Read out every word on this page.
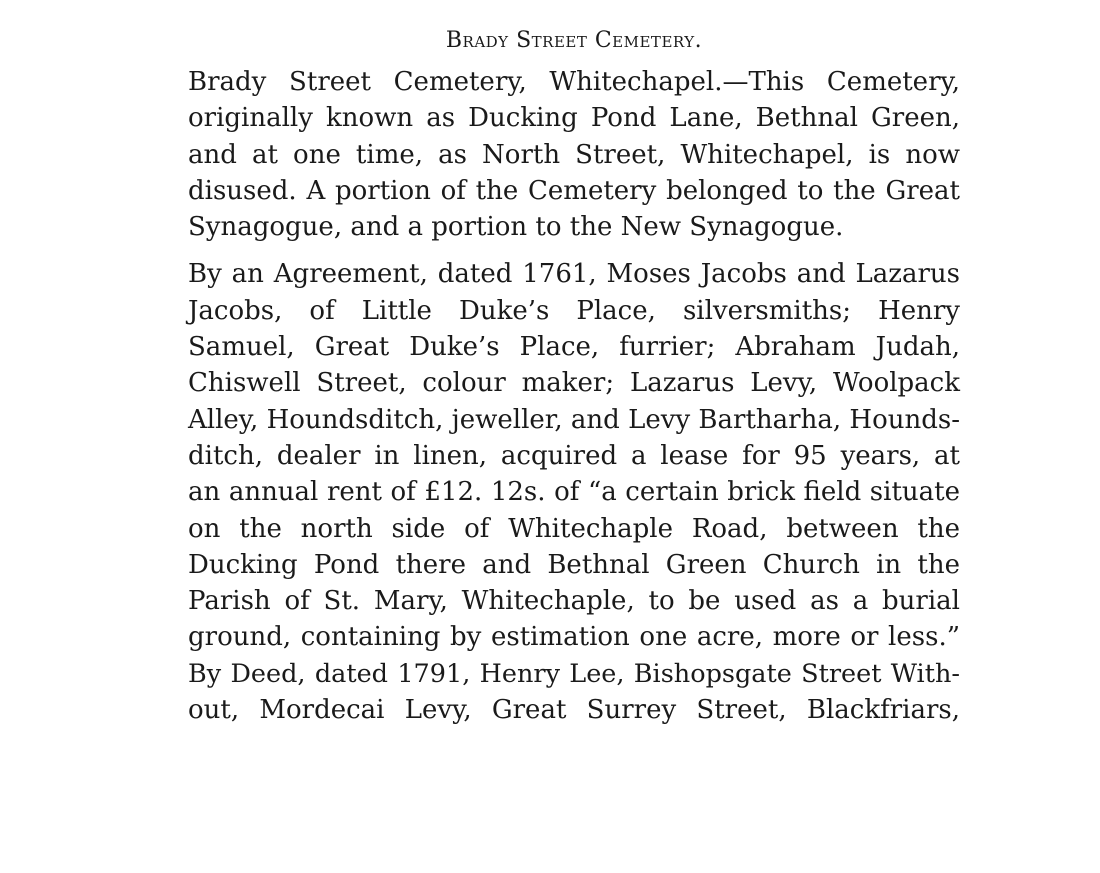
Brady Street Cemetery.
Brady Street Cemetery, Whitechapel.—This Cemetery,
originally known as Ducking Pond Lane, Bethnal Green,
and at one time, as North Street, Whitechapel, is now
disused. A portion of the Cemetery belonged to the Great
Synagogue, and a portion to the New Synagogue.
By an Agreement, dated 1761, Moses Jacobs and Lazarus
Jacobs, of Little Duke’s Place, silversmiths; Henry
Samuel, Great Duke’s Place, furrier; Abraham Judah,
Chiswell Street, colour maker; Lazarus Levy, Woolpack
Alley, Houndsditch, jeweller, and Levy Bartharha, Hounds-
ditch, dealer in linen, acquired a lease for 95 years, at
an annual rent of £12. 12s. of “a certain brick field situate
on the north side of Whitechaple Road, between the
Ducking Pond there and Bethnal Green Church in the
Parish of St. Mary, Whitechaple, to be used as a burial
ground, containing by estimation one acre, more or less.”
By Deed, dated 1791, Henry Lee, Bishopsgate Street With-
out, Mordecai Levy, Great Surrey Street, Blackfriars,
